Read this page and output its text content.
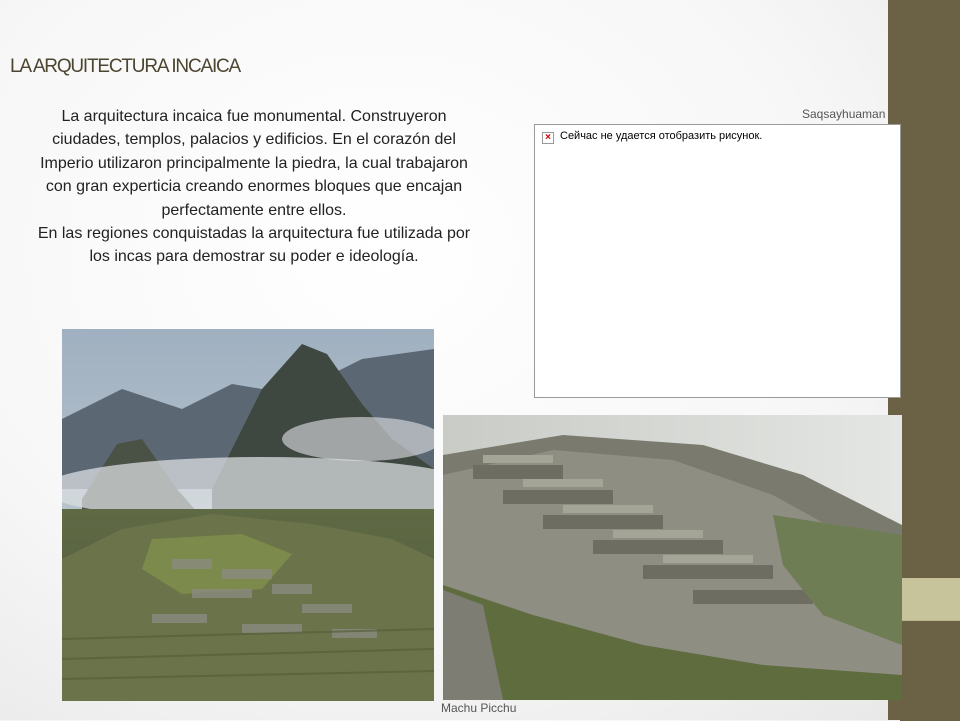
LA ARQUITECTURA INCAICA

La arquitectura incaica fue monumental. Construyeron ciudades, templos, palacios y edificios. En el corazón del Imperio utilizaron principalmente la piedra, la cual trabajaron con gran experticia creando enormes bloques que encajan perfectamente entre ellos.

En las regiones conquistadas la arquitectura fue utilizada por los incas para demostrar su poder e ideología.

Saqsayhuaman
× Сейчас не удается отобразить рисунок.
Machu Picchu
